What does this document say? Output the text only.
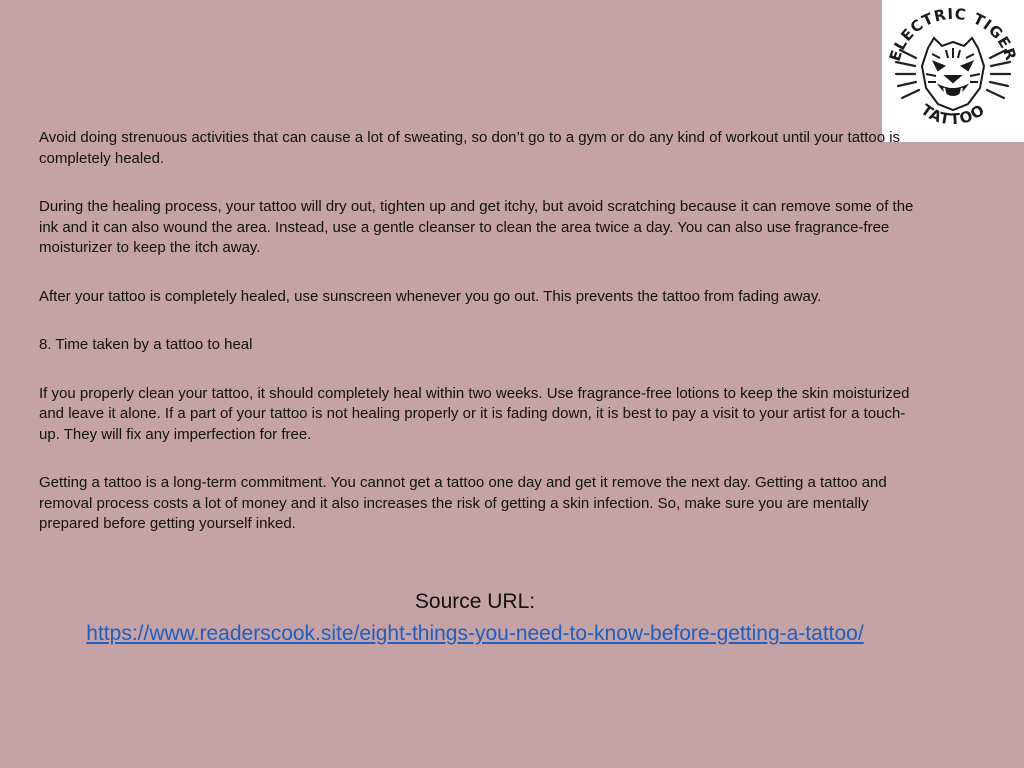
ELECTRIC TIGER
TATTOO

Avoid doing strenuous activities that can cause a lot of sweating, so don’t go to a gym or do any kind of workout until your tattoo is completely healed.

During the healing process, your tattoo will dry out, tighten up and get itchy, but avoid scratching because it can remove some of the ink and it can also wound the area. Instead, use a gentle cleanser to clean the area twice a day. You can also use fragrance-free moisturizer to keep the itch away.

After your tattoo is completely healed, use sunscreen whenever you go out. This prevents the tattoo from fading away.

8. Time taken by a tattoo to heal

If you properly clean your tattoo, it should completely heal within two weeks. Use fragrance-free lotions to keep the skin moisturized and leave it alone. If a part of your tattoo is not healing properly or it is fading down, it is best to pay a visit to your artist for a touch-up. They will fix any imperfection for free.

Getting a tattoo is a long-term commitment. You cannot get a tattoo one day and get it remove the next day. Getting a tattoo and removal process costs a lot of money and it also increases the risk of getting a skin infection. So, make sure you are mentally prepared before getting yourself inked.

Source URL:
https://www.readerscook.site/eight-things-you-need-to-know-before-getting-a-tattoo/
